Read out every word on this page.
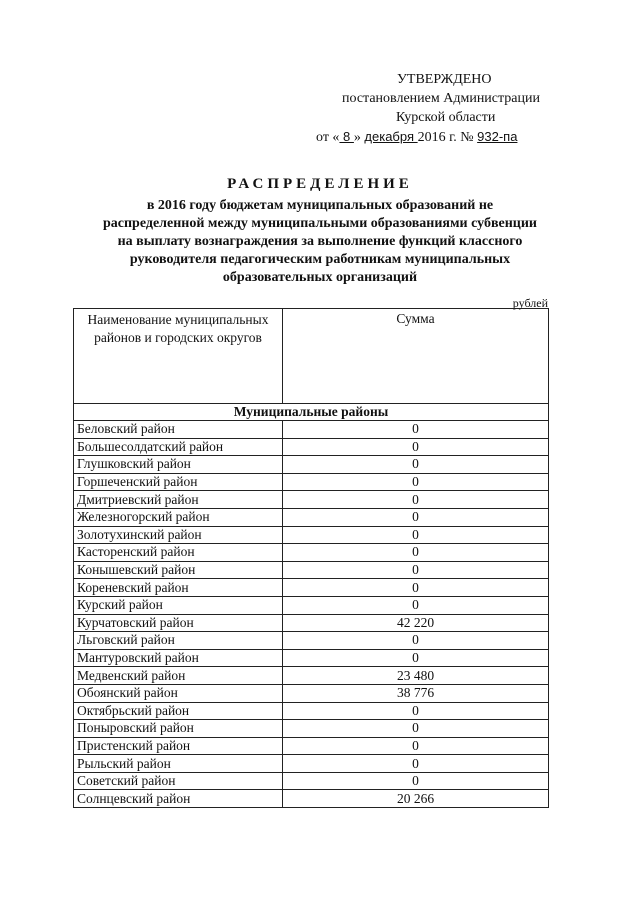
УТВЕРЖДЕНО
постановлением Администрации
Курской области
от « 8 » декабря 2016 г. № 932-па
РАСПРЕДЕЛЕНИЕ
в 2016 году бюджетам муниципальных образований не
распределенной между муниципальными образованиями субвенции
на выплату вознаграждения за выполнение функций классного
руководителя педагогическим работникам муниципальных
образовательных организаций
рублей
Наименование муниципальных районов и городских округов	Сумма
Муниципальные районы	
Беловский район	0
Большесолдатский район	0
Глушковский район	0
Горшеченский район	0
Дмитриевский район	0
Железногорский район	0
Золотухинский район	0
Касторенский район	0
Конышевский район	0
Кореневский район	0
Курский район	0
Курчатовский район	42 220
Льговский район	0
Мантуровский район	0
Медвенский район	23 480
Обоянский район	38 776
Октябрьский район	0
Поныровский район	0
Пристенский район	0
Рыльский район	0
Советский район	0
Солнцевский район	20 266
